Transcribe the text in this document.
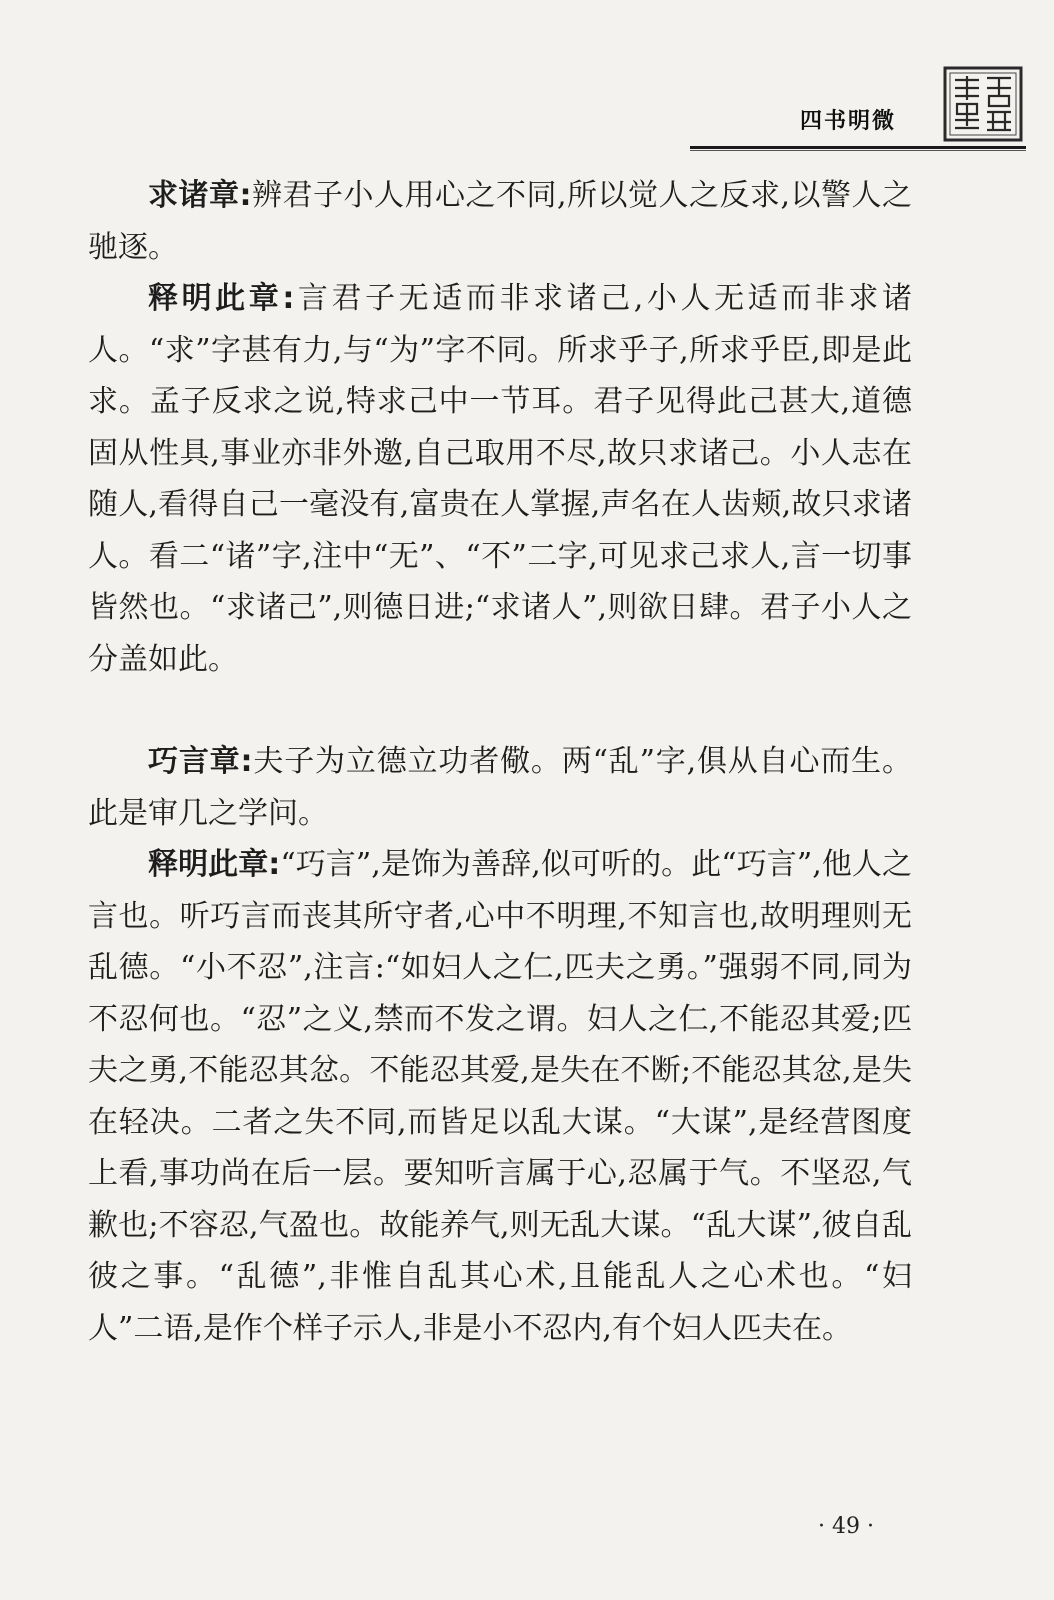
四书明微

求诸章:辨君子小人用心之不同,所以觉人之反求,以警人之驰逐。

释明此章:言君子无适而非求诸己,小人无适而非求诸人。“求”字甚有力,与“为”字不同。所求乎子,所求乎臣,即是此求。孟子反求之说,特求己中一节耳。君子见得此己甚大,道德固从性具,事业亦非外邀,自己取用不尽,故只求诸己。小人志在随人,看得自己一毫没有,富贵在人掌握,声名在人齿颊,故只求诸人。看二“诸”字,注中“无”、“不”二字,可见求己求人,言一切事皆然也。“求诸己”,则德日进;“求诸人”,则欲日肆。君子小人之分盖如此。

巧言章:夫子为立德立功者儆。两“乱”字,俱从自心而生。此是审几之学问。

释明此章:“巧言”,是饰为善辞,似可听的。此“巧言”,他人之言也。听巧言而丧其所守者,心中不明理,不知言也,故明理则无乱德。“小不忍”,注言:“如妇人之仁,匹夫之勇。”强弱不同,同为不忍何也。“忍”之义,禁而不发之谓。妇人之仁,不能忍其爱;匹夫之勇,不能忍其忿。不能忍其爱,是失在不断;不能忍其忿,是失在轻决。二者之失不同,而皆足以乱大谋。“大谋”,是经营图度上看,事功尚在后一层。要知听言属于心,忍属于气。不坚忍,气歉也;不容忍,气盈也。故能养气,则无乱大谋。“乱大谋”,彼自乱彼之事。“乱德”,非惟自乱其心术,且能乱人之心术也。“妇人”二语,是作个样子示人,非是小不忍内,有个妇人匹夫在。

· 49 ·
